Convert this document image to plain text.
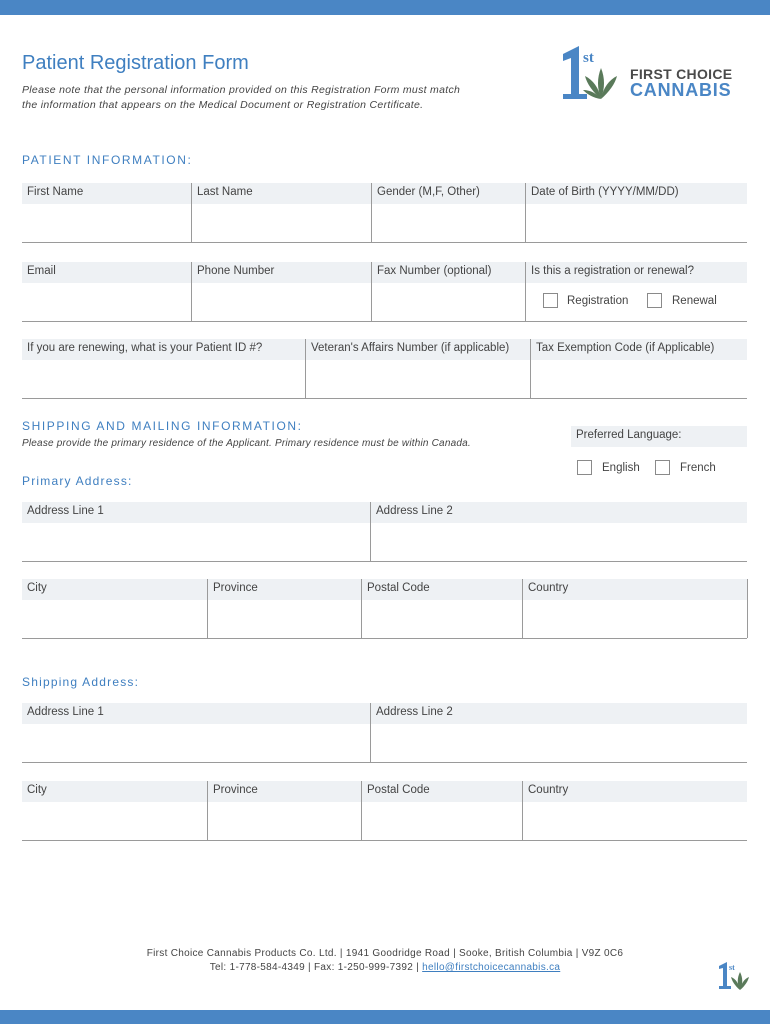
Patient Registration Form
Please note that the personal information provided on this Registration Form must match
the information that appears on the Medical Document or Registration Certificate.
st
FIRST CHOICE
CANNABIS
PATIENT INFORMATION:
First Name	Last Name	Gender (M,F, Other)	Date of Birth (YYYY/MM/DD)
Email	Phone Number	Fax Number (optional)	Is this a registration or renewal?
Registration	Renewal
If you are renewing, what is your Patient ID #?	Veteran's Affairs Number (if applicable)	Tax Exemption Code (if Applicable)
SHIPPING AND MAILING INFORMATION:
Please provide the primary residence of the Applicant. Primary residence must be within Canada.
Preferred Language:
English	French
Primary Address:
Address Line 1	Address Line 2
City	Province	Postal Code	Country
Shipping Address:
Address Line 1	Address Line 2
City	Province	Postal Code	Country
First Choice Cannabis Products Co. Ltd. | 1941 Goodridge Road | Sooke, British Columbia | V9Z 0C6
Tel: 1-778-584-4349 | Fax: 1-250-999-7392 | hello@firstchoicecannabis.ca	st
